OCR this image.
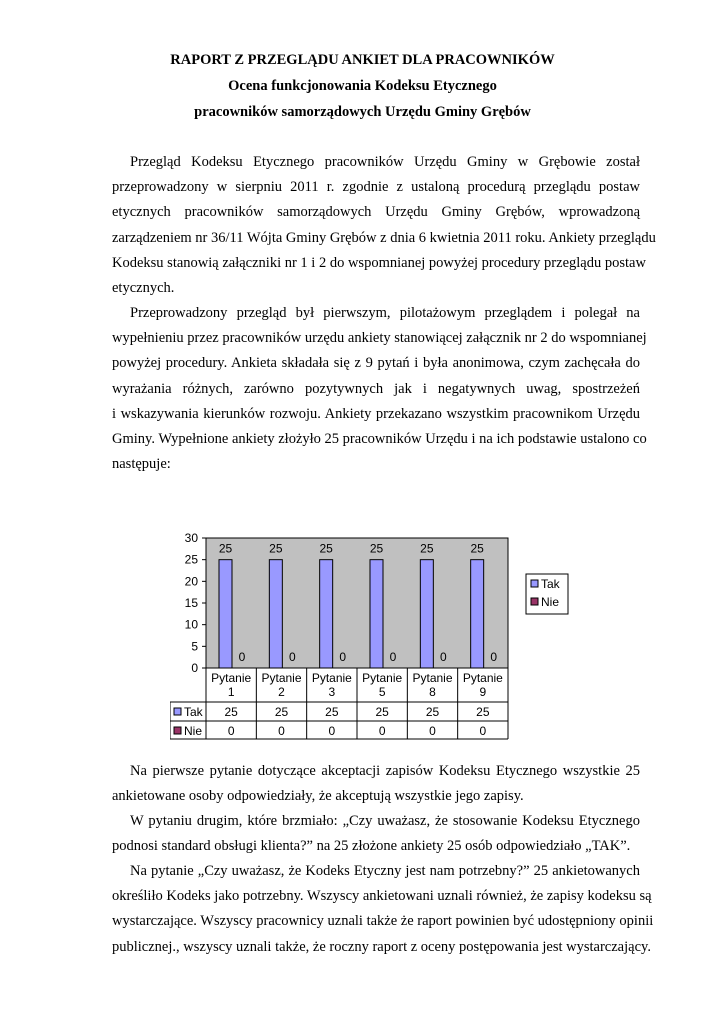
RAPORT Z PRZEGLĄDU ANKIET DLA PRACOWNIKÓW
Ocena funkcjonowania Kodeksu Etycznego
pracowników samorządowych Urzędu Gminy Grębów
Przegląd Kodeksu Etycznego pracowników Urzędu Gminy w Grębowie został
przeprowadzony w sierpniu 2011 r. zgodnie z ustaloną procedurą przeglądu postaw
etycznych pracowników samorządowych Urzędu Gminy Grębów, wprowadzoną
zarządzeniem nr 36/11 Wójta Gminy Grębów z dnia 6 kwietnia 2011 roku. Ankiety przeglądu
Kodeksu stanowią załączniki nr 1 i 2 do wspomnianej powyżej procedury przeglądu postaw
etycznych.
Przeprowadzony przegląd był pierwszym, pilotażowym przeglądem i polegał na
wypełnieniu przez pracowników urzędu ankiety stanowiącej załącznik nr 2 do wspomnianej
powyżej procedury. Ankieta składała się z 9 pytań i była anonimowa, czym zachęcała do
wyrażania różnych, zarówno pozytywnych jak i negatywnych uwag, spostrzeżeń
i wskazywania kierunków rozwoju. Ankiety przekazano wszystkim pracownikom Urzędu
Gminy. Wypełnione ankiety złożyło 25 pracowników Urzędu i na ich podstawie ustalono co
następuje:
0
5
10
15
20
25
30
25
0
25
0
25
0
25
0
25
0
25
0
Pytanie
1
25
0
Pytanie
2
25
0
Pytanie
3
25
0
Pytanie
5
25
0
Pytanie
8
25
0
Pytanie
9
25
0
Tak
Nie
Tak
Nie
Na pierwsze pytanie dotyczące akceptacji zapisów Kodeksu Etycznego wszystkie 25
ankietowane osoby odpowiedziały, że akceptują wszystkie jego zapisy.
W pytaniu drugim, które brzmiało: „Czy uważasz, że stosowanie Kodeksu Etycznego
podnosi standard obsługi klienta?” na 25 złożone ankiety 25 osób odpowiedziało „TAK”.
Na pytanie „Czy uważasz, że Kodeks Etyczny jest nam potrzebny?” 25 ankietowanych
określiło Kodeks jako potrzebny. Wszyscy ankietowani uznali również, że zapisy kodeksu są
wystarczające. Wszyscy pracownicy uznali także że raport powinien być udostępniony opinii
publicznej., wszyscy uznali także, że roczny raport z oceny postępowania jest wystarczający.
